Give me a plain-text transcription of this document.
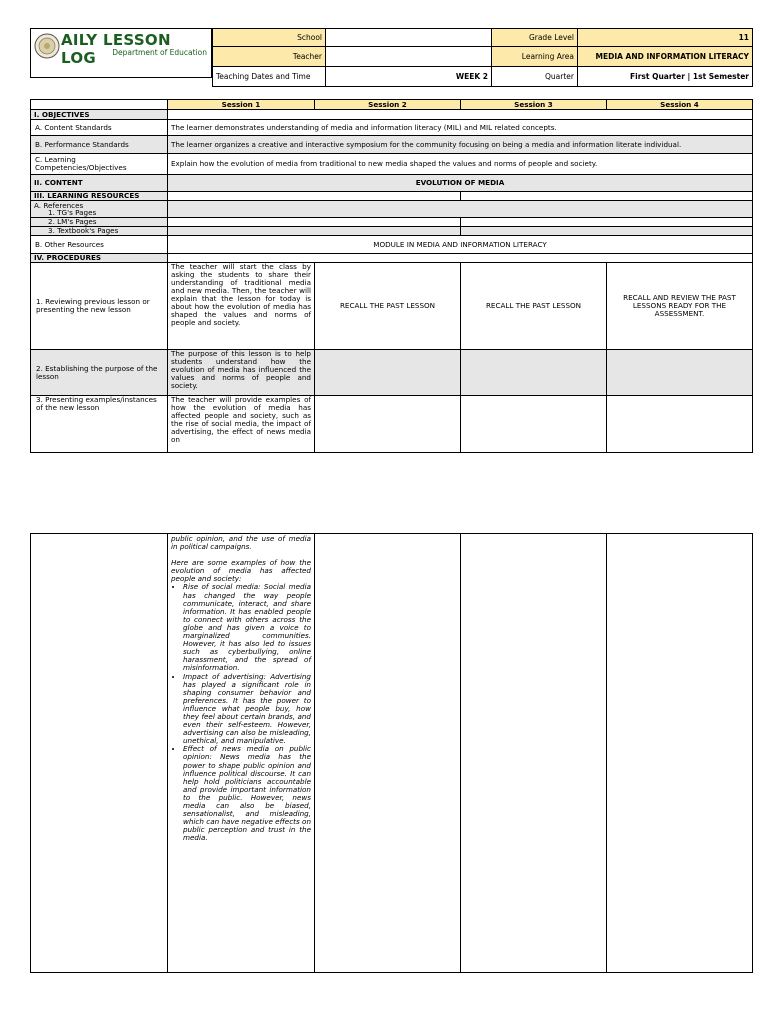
AILY LESSON LOG	Department of Education
School		Grade Level	11
Teacher		Learning Area	MEDIA AND INFORMATION LITERACY
Teaching Dates and Time	WEEK 2	Quarter	First Quarter | 1st Semester
	Session 1	Session 2	Session 3	Session 4
I. OBJECTIVES				
A. Content Standards	The learner demonstrates understanding of media and information literacy (MIL) and MIL related concepts.			
B. Performance Standards	The learner organizes a creative and interactive symposium for the community focusing on being a media and information literate individual.			
C. Learning Competencies/Objectives	Explain how the evolution of media from traditional to new media shaped the values and norms of people and society.			
II. CONTENT	EVOLUTION OF MEDIA			
III. LEARNING RESOURCES				

A. References
1. TG's Pages				

2. LM's Pages				
3. Textbook's Pages				
B. Other Resources	MODULE IN MEDIA AND INFORMATION LITERACY			
IV. PROCEDURES				
1. Reviewing previous lesson or presenting the new lesson	The teacher will start the class by asking the students to share their understanding of traditional media and new media. Then, the teacher will explain that the lesson for today is about how the evolution of media has shaped the values and norms of people and society.	RECALL THE PAST LESSON	RECALL THE PAST LESSON	RECALL AND REVIEW THE PAST LESSONS READY FOR THE ASSESSMENT.
2. Establishing the purpose of the lesson	The purpose of this lesson is to help students understand how the evolution of media has influenced the values and norms of people and society.			
3. Presenting examples/instances of the new lesson	The teacher will provide examples of how the evolution of media has affected people and society, such as the rise of social media, the impact of advertising, the effect of news media on			

public opinion, and the use of media in political campaigns.
Here are some examples of how the evolution of media has affected people and society:
• Rise of social media: Social media has changed the way people communicate, interact, and share information. It has enabled people to connect with others across the globe and has given a voice to marginalized communities. However, it has also led to issues such as cyberbullying, online harassment, and the spread of misinformation.
• Impact of advertising: Advertising has played a significant role in shaping consumer behavior and preferences. It has the power to influence what people buy, how they feel about certain brands, and even their self-esteem. However, advertising can also be misleading, unethical, and manipulative.
• Effect of news media on public opinion: News media has the power to shape public opinion and influence political discourse. It can help hold politicians accountable and provide important information to the public. However, news media can also be biased, sensationalist, and misleading, which can have negative effects on public perception and trust in the media.
